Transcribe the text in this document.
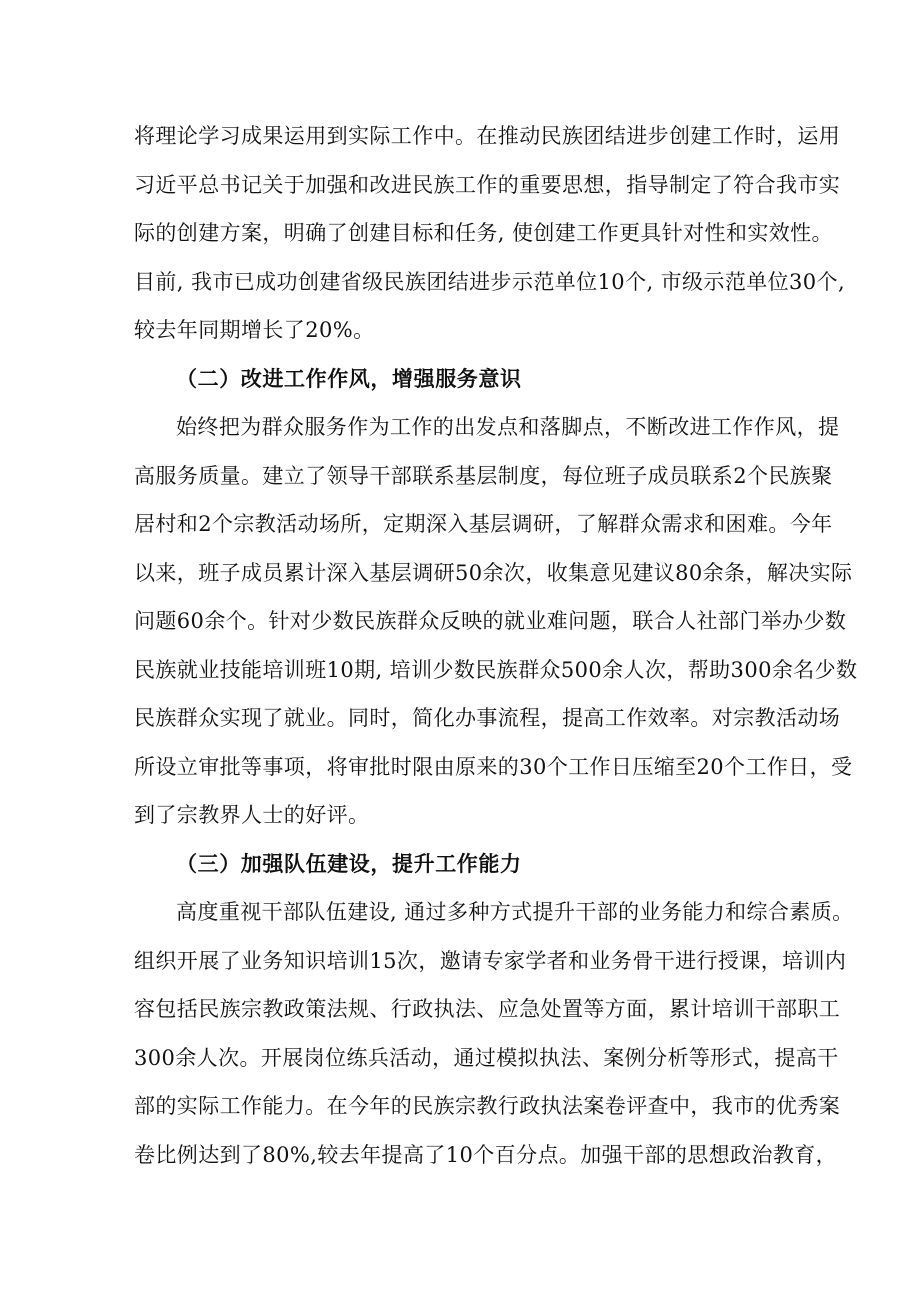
将理论学习成果运用到实际工作中。在推动民族团结进步创建工作时，运用
习近平总书记关于加强和改进民族工作的重要思想，指导制定了符合我市实
际的创建方案，明确了创建目标和任务, 使创建工作更具针对性和实效性。
目前, 我市已成功创建省级民族团结进步示范单位10个, 市级示范单位30个,
较去年同期增长了20%。
（二）改进工作作风，增强服务意识
始终把为群众服务作为工作的出发点和落脚点，不断改进工作作风，提
高服务质量。建立了领导干部联系基层制度，每位班子成员联系2个民族聚
居村和2个宗教活动场所，定期深入基层调研，了解群众需求和困难。今年
以来，班子成员累计深入基层调研50余次，收集意见建议80余条，解决实际
问题60余个。针对少数民族群众反映的就业难问题，联合人社部门举办少数
民族就业技能培训班10期, 培训少数民族群众500余人次，帮助300余名少数
民族群众实现了就业。同时，简化办事流程，提高工作效率。对宗教活动场
所设立审批等事项，将审批时限由原来的30个工作日压缩至20个工作日，受
到了宗教界人士的好评。
（三）加强队伍建设，提升工作能力
高度重视干部队伍建设, 通过多种方式提升干部的业务能力和综合素质。
组织开展了业务知识培训15次，邀请专家学者和业务骨干进行授课，培训内
容包括民族宗教政策法规、行政执法、应急处置等方面，累计培训干部职工
300余人次。开展岗位练兵活动，通过模拟执法、案例分析等形式，提高干
部的实际工作能力。在今年的民族宗教行政执法案卷评查中，我市的优秀案
卷比例达到了80%,较去年提高了10个百分点。加强干部的思想政治教育，
